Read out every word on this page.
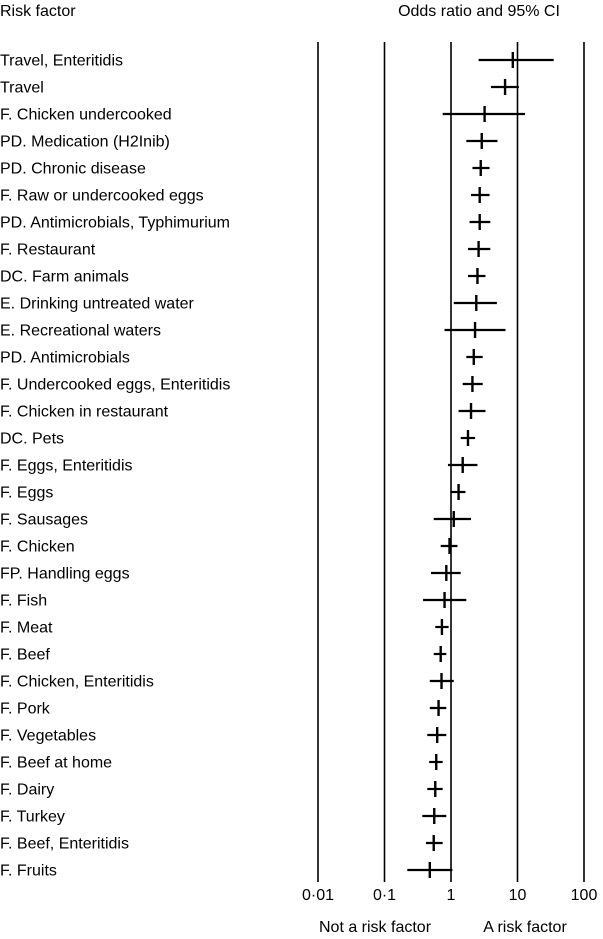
Risk factor	Odds ratio and 95% CI
Travel, Enteritidis
Travel
F. Chicken undercooked
PD. Medication (H2Inib)
PD. Chronic disease
F. Raw or undercooked eggs
PD. Antimicrobials, Typhimurium
F. Restaurant
DC. Farm animals
E. Drinking untreated water
E. Recreational waters
PD. Antimicrobials
F. Undercooked eggs, Enteritidis
F. Chicken in restaurant
DC. Pets
F. Eggs, Enteritidis
F. Eggs
F. Sausages
F. Chicken
FP. Handling eggs
F. Fish
F. Meat
F. Beef
F. Chicken, Enteritidis
F. Pork
F. Vegetables
F. Beef at home
F. Dairy
F. Turkey
F. Beef, Enteritidis
F. Fruits
0·01 0·1	1	10	100
Not a risk factor	A risk factor
